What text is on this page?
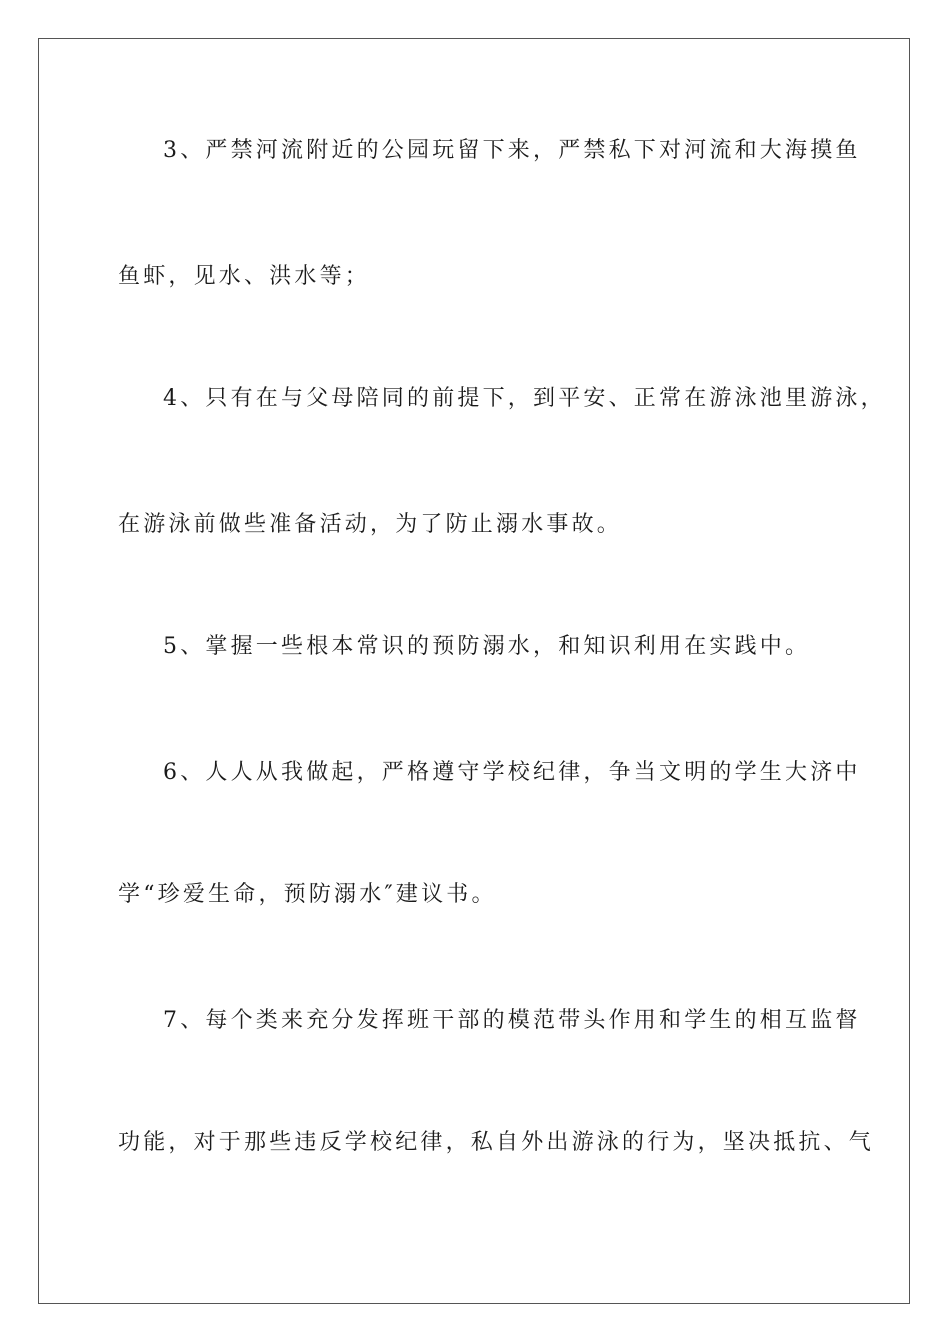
3、严禁河流附近的公园玩留下来，严禁私下对河流和大海摸鱼
鱼虾，见水、洪水等；
4、只有在与父母陪同的前提下，到平安、正常在游泳池里游泳，
在游泳前做些准备活动，为了防止溺水事故。
5、掌握一些根本常识的预防溺水，和知识利用在实践中。
6、人人从我做起，严格遵守学校纪律，争当文明的学生大济中
学“珍爱生命，预防溺水″建议书。
7、每个类来充分发挥班干部的模范带头作用和学生的相互监督
功能，对于那些违反学校纪律，私自外出游泳的行为，坚决抵抗、气
